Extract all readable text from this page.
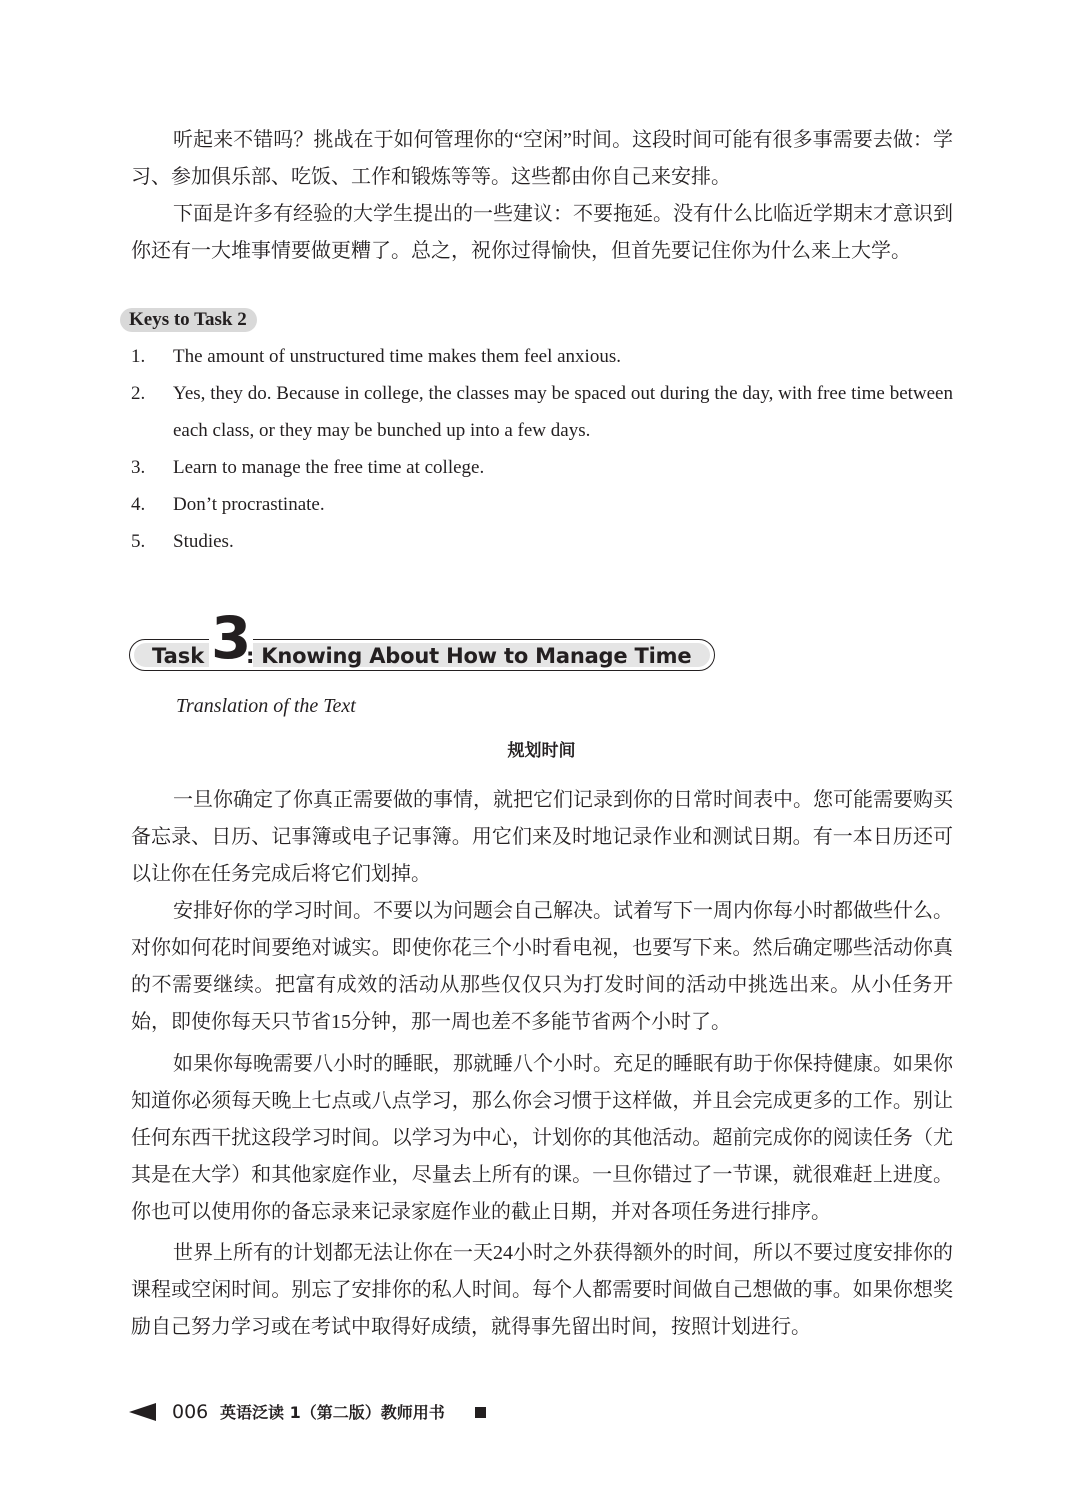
听起来不错吗？挑战在于如何管理你的“空闲”时间。这段时间可能有很多事需要去做：学习、参加俱乐部、吃饭、工作和锻炼等等。这些都由你自己来安排。

下面是许多有经验的大学生提出的一些建议：不要拖延。没有什么比临近学期末才意识到你还有一大堆事情要做更糟了。总之，祝你过得愉快，但首先要记住你为什么来上大学。

Keys to Task 2
1. The amount of unstructured time makes them feel anxious.
2. Yes, they do. Because in college, the classes may be spaced out during the day, with free time between each class, or they may be bunched up into a few days.
3. Learn to manage the free time at college.
4. Don’t procrastinate.
5. Studies.
Task 3
: Knowing About How to Manage Time
Translation of the Text
规划时间

一旦你确定了你真正需要做的事情，就把它们记录到你的日常时间表中。您可能需要购买备忘录、日历、记事簿或电子记事簿。用它们来及时地记录作业和测试日期。有一本日历还可以让你在任务完成后将它们划掉。

安排好你的学习时间。不要以为问题会自己解决。试着写下一周内你每小时都做些什么。对你如何花时间要绝对诚实。即使你花三个小时看电视，也要写下来。然后确定哪些活动你真的不需要继续。把富有成效的活动从那些仅仅只为打发时间的活动中挑选出来。从小任务开始，即使你每天只节省15分钟，那一周也差不多能节省两个小时了。

如果你每晚需要八小时的睡眠，那就睡八个小时。充足的睡眠有助于你保持健康。如果你知道你必须每天晚上七点或八点学习，那么你会习惯于这样做，并且会完成更多的工作。别让任何东西干扰这段学习时间。以学习为中心，计划你的其他活动。超前完成你的阅读任务（尤其是在大学）和其他家庭作业，尽量去上所有的课。一旦你错过了一节课，就很难赶上进度。你也可以使用你的备忘录来记录家庭作业的截止日期，并对各项任务进行排序。

世界上所有的计划都无法让你在一天24小时之外获得额外的时间，所以不要过度安排你的课程或空闲时间。别忘了安排你的私人时间。每个人都需要时间做自己想做的事。如果你想奖励自己努力学习或在考试中取得好成绩，就得事先留出时间，按照计划进行。

006 英语泛读 1（第二版）教师用书
